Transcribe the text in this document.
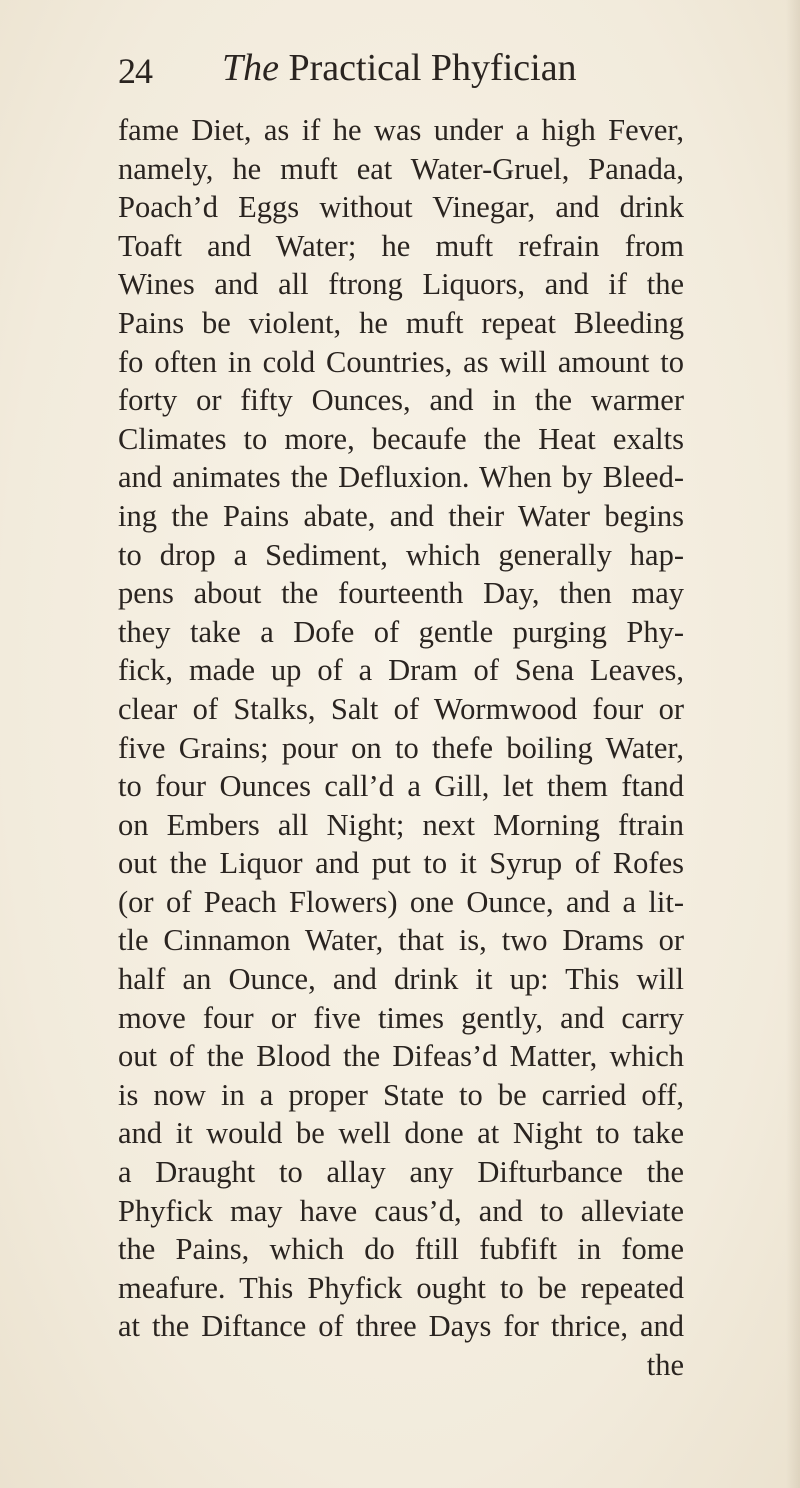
24 The Practical Phyfician
fame Diet, as if he was under a high Fever,
namely, he muft eat Water-Gruel, Panada,
Poach’d Eggs without Vinegar, and drink
Toaft and Water; he muft refrain from
Wines and all ftrong Liquors, and if the
Pains be violent, he muft repeat Bleeding
fo often in cold Countries, as will amount to
forty or fifty Ounces, and in the warmer
Climates to more, becaufe the Heat exalts
and animates the Defluxion. When by Bleed-
ing the Pains abate, and their Water begins
to drop a Sediment, which generally hap-
pens about the fourteenth Day, then may
they take a Dofe of gentle purging Phy-
fick, made up of a Dram of Sena Leaves,
clear of Stalks, Salt of Wormwood four or
five Grains; pour on to thefe boiling Water,
to four Ounces call’d a Gill, let them ftand
on Embers all Night; next Morning ftrain
out the Liquor and put to it Syrup of Rofes
(or of Peach Flowers) one Ounce, and a lit-
tle Cinnamon Water, that is, two Drams or
half an Ounce, and drink it up: This will
move four or five times gently, and carry
out of the Blood the Difeas’d Matter, which
is now in a proper State to be carried off,
and it would be well done at Night to take
a Draught to allay any Difturbance the
Phyfick may have caus’d, and to alleviate
the Pains, which do ftill fubfift in fome
meafure. This Phyfick ought to be repeated
at the Diftance of three Days for thrice, and
the
